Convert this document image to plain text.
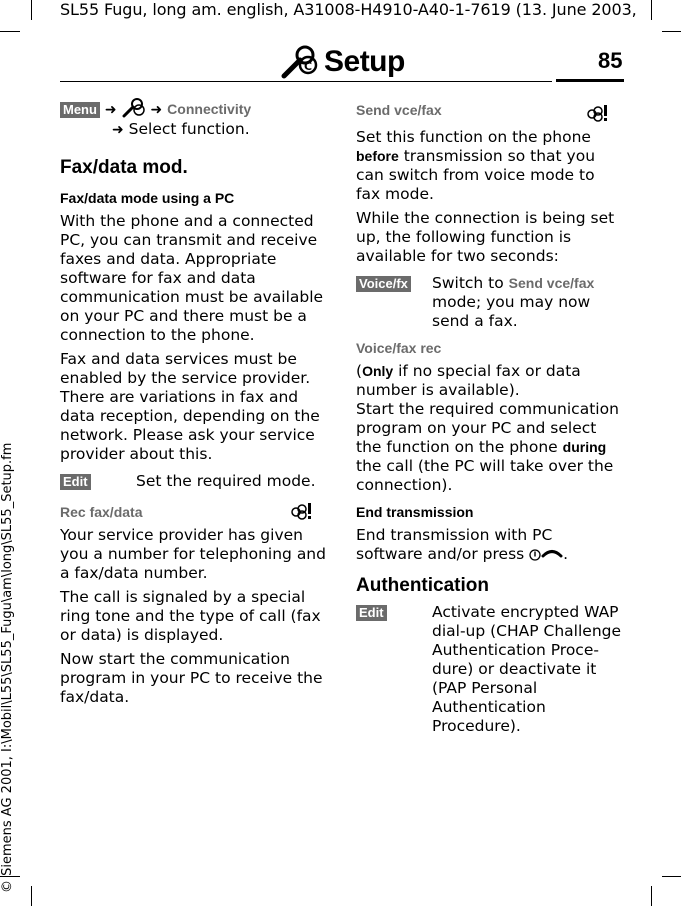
SL55 Fugu, long am. english, A31008-H4910-A40-1-7619 (13. June 2003,
C Setup	85
© Siemens AG 2001, I:\Mobil\L55\SL55_Fugu\am\long\SL55_Setup.fm
Menu ➜ ➜ Connectivity
➜ Select function.
Fax/data mod.
Fax/data mode using a PC

With the phone and a connected PC, you can transmit and receive faxes and data. Appropriate software for fax and data communication must be available on your PC and there must be a connection to the phone.

Fax and data services must be enabled by the service provider. There are variations in fax and data reception, depending on the network. Please ask your service provider about this.

Edit	Set the required mode.
Rec fax/data

Your service provider has given you a number for telephoning and a fax/data number.

The call is signaled by a special ring tone and the type of call (fax or data) is displayed.

Now start the communication program in your PC to receive the fax/data.

Send vce/fax

Set this function on the phone before transmission so that you can switch from voice mode to fax mode.

While the connection is being set up, the following function is available for two seconds:

Voice/fx	Switch to Send vce/fax mode; you may now send a fax.
Voice/fax rec

(Only if no special fax or data number is available).
Start the required communication program on your PC and select the function on the phone during the call (the PC will take over the connection).

End transmission

End transmission with PC software and/or press	.

Authentication
Edit	Activate encrypted WAP dial-up (CHAP Challenge Authentication Proce-dure) or deactivate it (PAP Personal Authentication Procedure).
